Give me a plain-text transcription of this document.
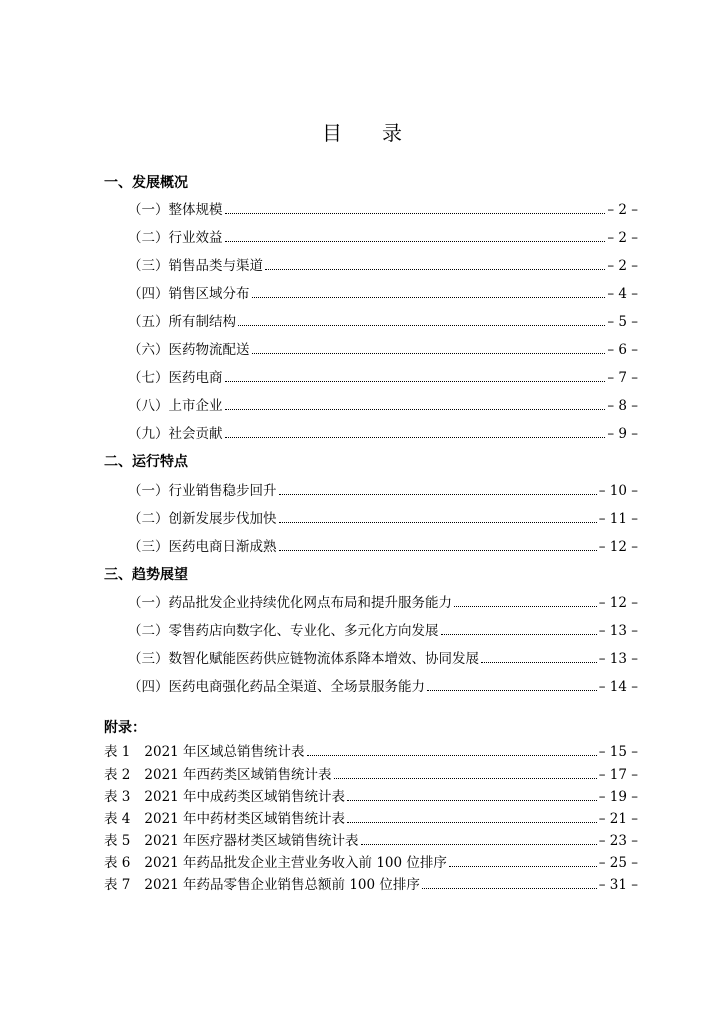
目 录
一、发展概况
（一） 整体规模	– 2 –
（二） 行业效益	– 2 –
（三） 销售品类与渠道	– 2 –
（四） 销售区域分布	– 4 –
（五） 所有制结构	– 5 –
（六） 医药物流配送	– 6 –
（七） 医药电商	– 7 –
（八） 上市企业	– 8 –
（九） 社会贡献	– 9 –
二、运行特点
（一） 行业销售稳步回升	– 10 –
（二） 创新发展步伐加快	– 11 –
（三） 医药电商日渐成熟	– 12 –
三、趋势展望
（一） 药品批发企业持续优化网点布局和提升服务能力	– 12 –
（二） 零售药店向数字化、专业化、多元化方向发展	– 13 –
（三） 数智化赋能医药供应链物流体系降本增效、协同发展	– 13 –
（四） 医药电商强化药品全渠道、全场景服务能力	– 14 –
附录：
表 1 2021 年区域总销售统计表	– 15 –
表 2 2021 年西药类区域销售统计表	– 17 –
表 3 2021 年中成药类区域销售统计表	– 19 –
表 4 2021 年中药材类区域销售统计表	– 21 –
表 5 2021 年医疗器材类区域销售统计表	– 23 –
表 6 2021 年药品批发企业主营业务收入前 100 位排序	– 25 –
表 7 2021 年药品零售企业销售总额前 100 位排序	– 31 –
